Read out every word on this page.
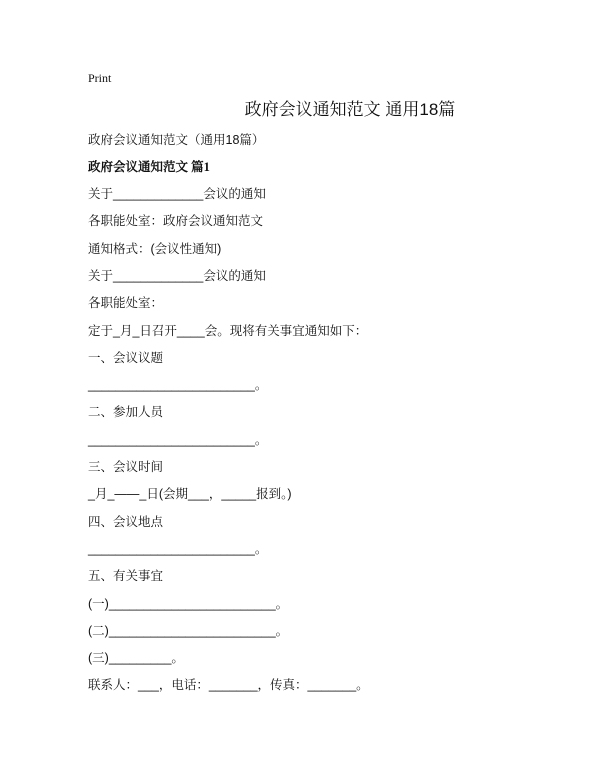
Print
政府会议通知范文 通用18篇
政府会议通知范文（通用18篇）
政府会议通知范文 篇1
关于_____________会议的通知
各职能处室：政府会议通知范文
通知格式：(会议性通知)
关于_____________会议的通知
各职能处室：
定于_月_日召开____会。现将有关事宜通知如下：
一、会议议题
________________________。
二、参加人员
________________________。
三、会议时间
_月_——_日(会期___，_____报到。)
四、会议地点
________________________。
五、有关事宜
(一)________________________。
(二)________________________。
(三)_________。
联系人：___，电话：_______，传真：_______。
